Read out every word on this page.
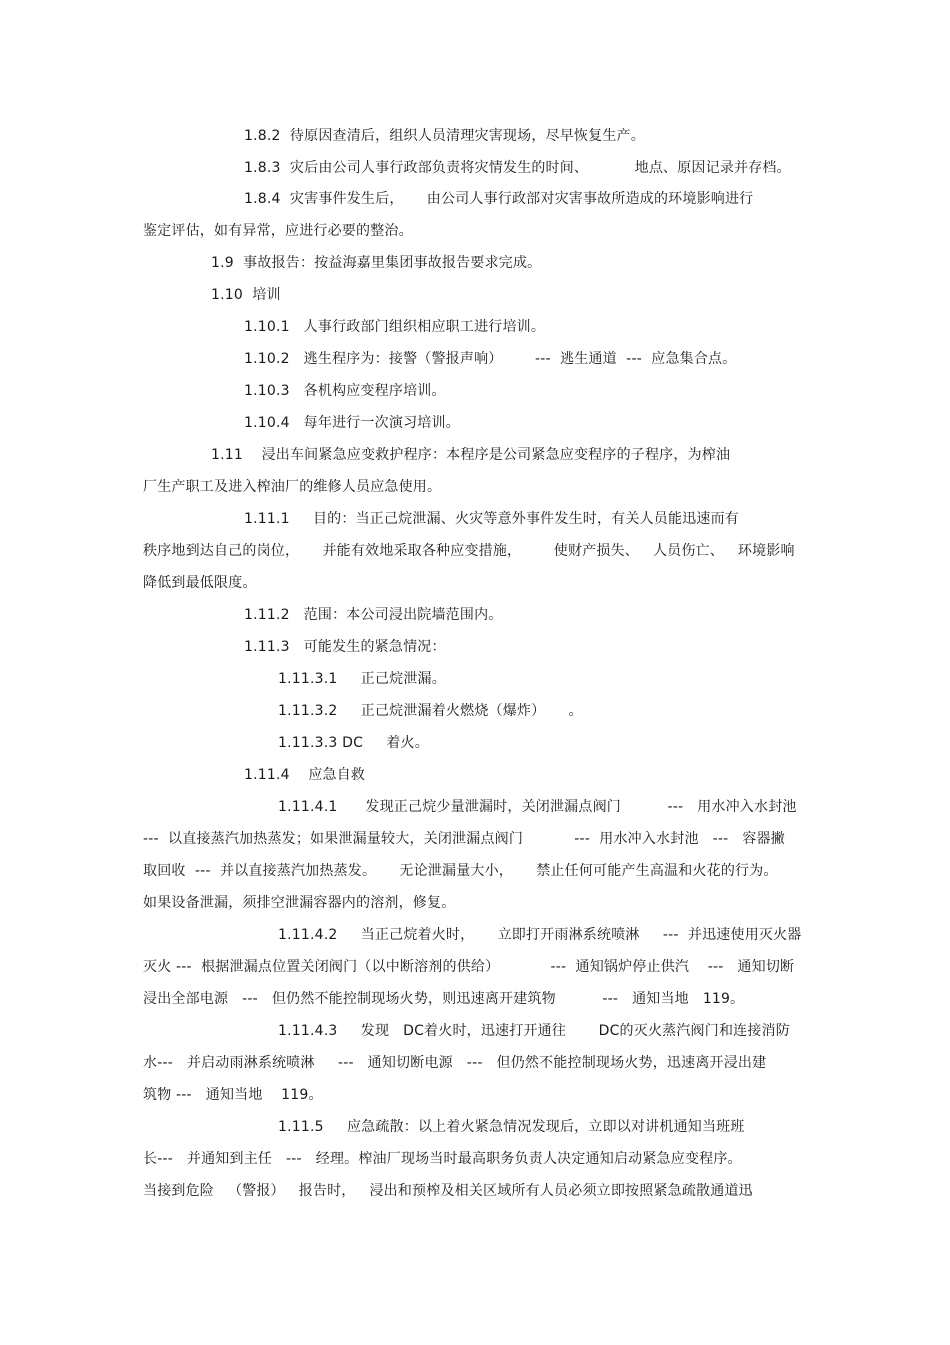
1.8.2  待原因查清后，组织人员清理灾害现场，尽早恢复生产。
1.8.3  灾后由公司人事行政部负责将灾情发生的时间、          地点、原因记录并存档。
1.8.4  灾害事件发生后，     由公司人事行政部对灾害事故所造成的环境影响进行
鉴定评估，如有异常，应进行必要的整治。
1.9  事故报告：按益海嘉里集团事故报告要求完成。
1.10  培训
1.10.1   人事行政部门组织相应职工进行培训。
1.10.2   逃生程序为：接警（警报声响）       ---  逃生通道  ---  应急集合点。
1.10.3   各机构应变程序培训。
1.10.4   每年进行一次演习培训。
1.11    浸出车间紧急应变救护程序：本程序是公司紧急应变程序的子程序，为榨油
厂生产职工及进入榨油厂的维修人员应急使用。
1.11.1     目的：当正己烷泄漏、火灾等意外事件发生时，有关人员能迅速而有
秩序地到达自己的岗位，     并能有效地采取各种应变措施，       使财产损失、   人员伤亡、   环境影响
降低到最低限度。
1.11.2   范围：本公司浸出院墙范围内。
1.11.3   可能发生的紧急情况：
1.11.3.1     正己烷泄漏。
1.11.3.2     正己烷泄漏着火燃烧（爆炸）     。
1.11.3.3 DC     着火。
1.11.4    应急自救
1.11.4.1      发现正己烷少量泄漏时，关闭泄漏点阀门          ---   用水冲入水封池
---  以直接蒸汽加热蒸发；如果泄漏量较大，关闭泄漏点阀门           ---  用水冲入水封池   ---   容器撇
取回收  ---  并以直接蒸汽加热蒸发。     无论泄漏量大小，     禁止任何可能产生高温和火花的行为。
如果设备泄漏，须排空泄漏容器内的溶剂，修复。
1.11.4.2     当正己烷着火时，     立即打开雨淋系统喷淋     ---  并迅速使用灭火器
灭火 ---  根据泄漏点位置关闭阀门（以中断溶剂的供给）           ---  通知锅炉停止供汽    ---   通知切断
浸出全部电源   ---   但仍然不能控制现场火势，则迅速离开建筑物          ---   通知当地   119。
1.11.4.3     发现   DC着火时，迅速打开通往       DC的灭火蒸汽阀门和连接消防
水---   并启动雨淋系统喷淋     ---   通知切断电源   ---   但仍然不能控制现场火势，迅速离开浸出建
筑物 ---   通知当地    119。
1.11.5     应急疏散：以上着火紧急情况发现后，立即以对讲机通知当班班
长---   并通知到主任   ---   经理。榨油厂现场当时最高职务负责人决定通知启动紧急应变程序。
当接到危险   （警报）   报告时，   浸出和预榨及相关区域所有人员必须立即按照紧急疏散通道迅
